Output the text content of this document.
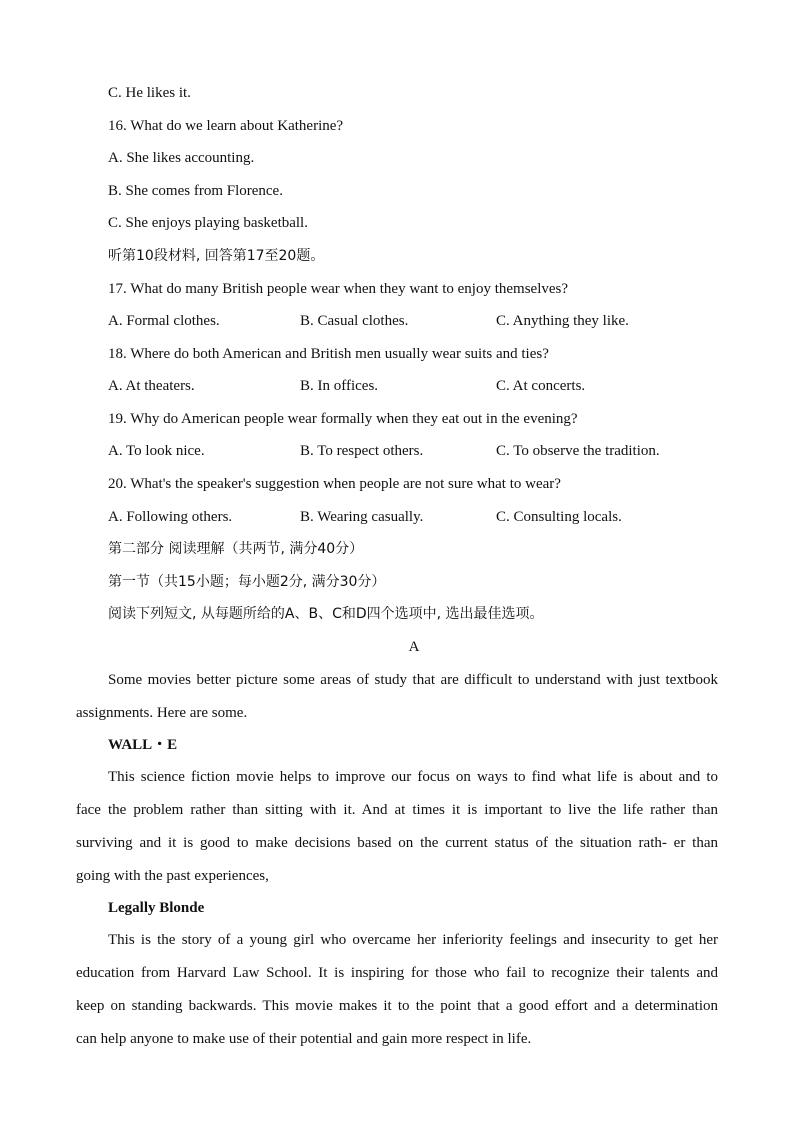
C. He likes it.
16. What do we learn about Katherine?
A. She likes accounting.
B. She comes from Florence.
C. She enjoys playing basketball.
听第10段材料, 回答第17至20题。
17. What do many British people wear when they want to enjoy themselves?
A. Formal clothes.	B. Casual clothes.	C. Anything they like.
18. Where do both American and British men usually wear suits and ties?
A. At theaters.	B. In offices.	C. At concerts.
19. Why do American people wear formally when they eat out in the evening?
A. To look nice.	B. To respect others.	C. To observe the tradition.
20. What's the speaker's suggestion when people are not sure what to wear?
A. Following others.	B. Wearing casually.	C. Consulting locals.
第二部分 阅读理解（共两节, 满分40分）
第一节（共15小题；每小题2分, 满分30分）
阅读下列短文, 从每题所给的A、B、C和D四个选项中, 选出最佳选项。
A
Some movies better picture some areas of study that are difficult to understand with just textbook
assignments. Here are some.
WALL・E
This science fiction movie helps to improve our focus on ways to find what life is about and to
face the problem rather than sitting with it. And at times it is important to live the life rather than
surviving and it is good to make decisions based on the current status of the situation rath- er than
going with the past experiences,
Legally Blonde
This is the story of a young girl who overcame her inferiority feelings and insecurity to get her
education from Harvard Law School. It is inspiring for those who fail to recognize their talents and
keep on standing backwards. This movie makes it to the point that a good effort and a determination
can help anyone to make use of their potential and gain more respect in life.
